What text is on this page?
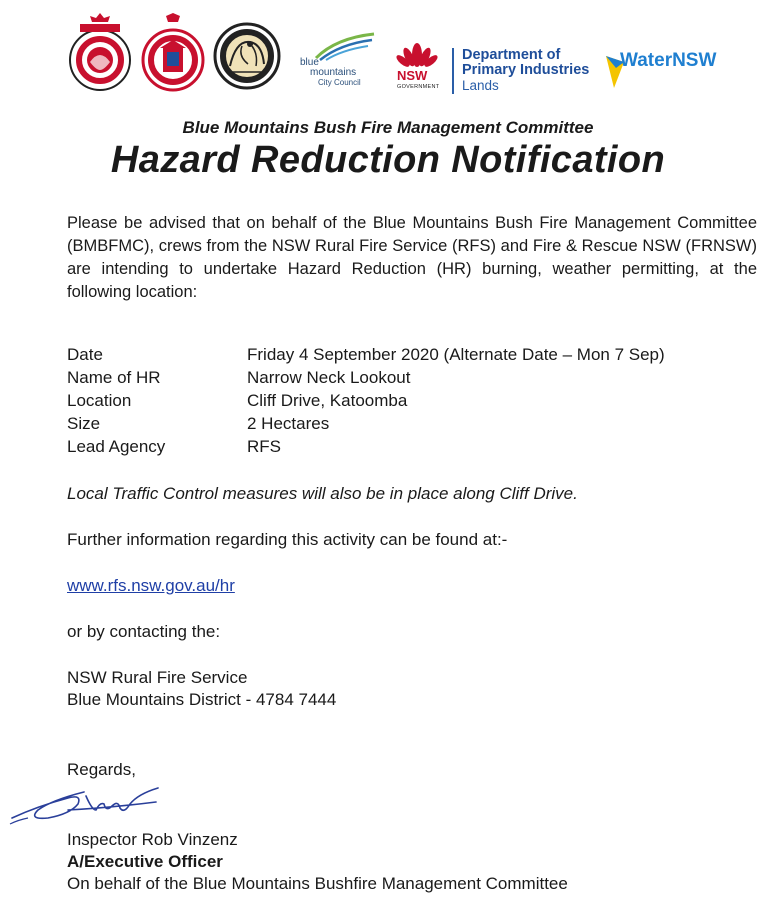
blue
mountains
City Council	NSW
GOVERNMENT
Department of
Primary Industries
Lands
WaterNSW
Blue Mountains Bush Fire Management Committee
Hazard Reduction Notification
Please be advised that on behalf of the Blue Mountains Bush Fire Management Committee (BMBFMC), crews from the NSW Rural Fire Service (RFS) and Fire & Rescue NSW (FRNSW) are intending to undertake Hazard Reduction (HR) burning, weather permitting, at the following location:
Date	Friday 4 September 2020 (Alternate Date – Mon 7 Sep)
Name of HR	Narrow Neck Lookout
Location	Cliff Drive, Katoomba
Size	2 Hectares
Lead Agency	RFS
Local Traffic Control measures will also be in place along Cliff Drive.
Further information regarding this activity can be found at:-
www.rfs.nsw.gov.au/hr
or by contacting the:
NSW Rural Fire Service
Blue Mountains District - 4784 7444
Regards,
Inspector Rob Vinzenz
A/Executive Officer
On behalf of the Blue Mountains Bushfire Management Committee
